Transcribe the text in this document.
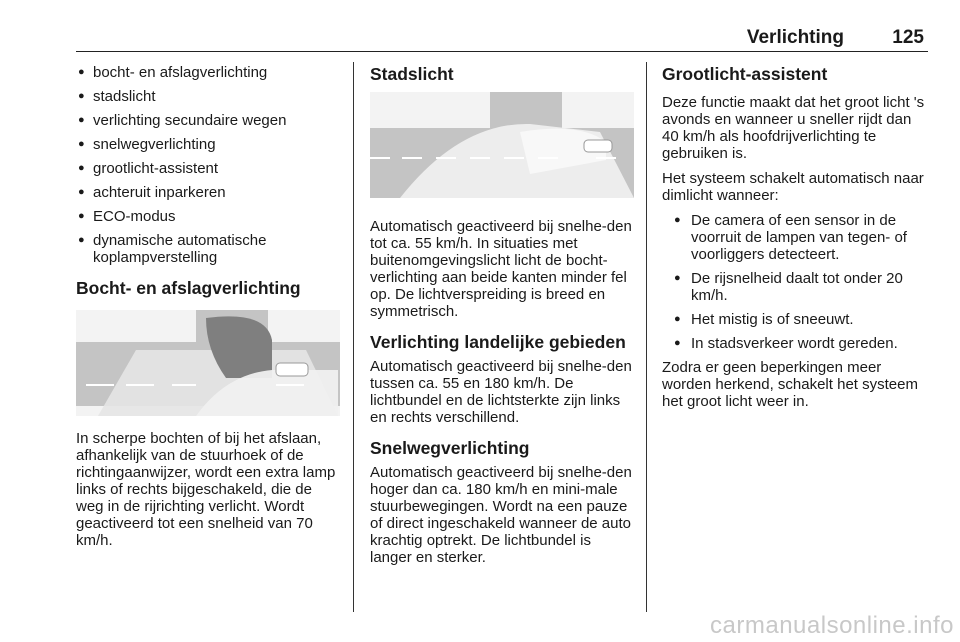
Verlichting	125
● bocht- en afslagverlichting
● stadslicht
● verlichting secundaire wegen
● snelwegverlichting
● grootlicht-assistent
● achteruit inparkeren
● ECO-modus
● dynamische automatische koplampverstelling
Bocht- en afslagverlichting

In scherpe bochten of bij het afslaan, afhankelijk van de stuurhoek of de richtingaanwijzer, wordt een extra lamp links of rechts bijgeschakeld, die de weg in de rijrichting verlicht. Wordt geactiveerd tot een snelheid van 70 km/h.

Stadslicht

Automatisch geactiveerd bij snelhe-den tot ca. 55 km/h. In situaties met buitenomgevingslicht licht de bocht-verlichting aan beide kanten minder fel op. De lichtverspreiding is breed en symmetrisch.

Verlichting landelijke gebieden

Automatisch geactiveerd bij snelhe-den tussen ca. 55 en 180 km/h. De lichtbundel en de lichtsterkte zijn links en rechts verschillend.

Snelwegverlichting

Automatisch geactiveerd bij snelhe-den hoger dan ca. 180 km/h en mini-male stuurbewegingen. Wordt na een pauze of direct ingeschakeld wanneer de auto krachtig optrekt. De lichtbundel is langer en sterker.

Grootlicht-assistent

Deze functie maakt dat het groot licht 's avonds en wanneer u sneller rijdt dan 40 km/h als hoofdrijverlichting te gebruiken is.

Het systeem schakelt automatisch naar dimlicht wanneer:

● De camera of een sensor in de voorruit de lampen van tegen- of voorliggers detecteert.
● De rijsnelheid daalt tot onder 20 km/h.
● Het mistig is of sneeuwt.
● In stadsverkeer wordt gereden.

Zodra er geen beperkingen meer worden herkend, schakelt het systeem het groot licht weer in.

carmanualsonline.info
